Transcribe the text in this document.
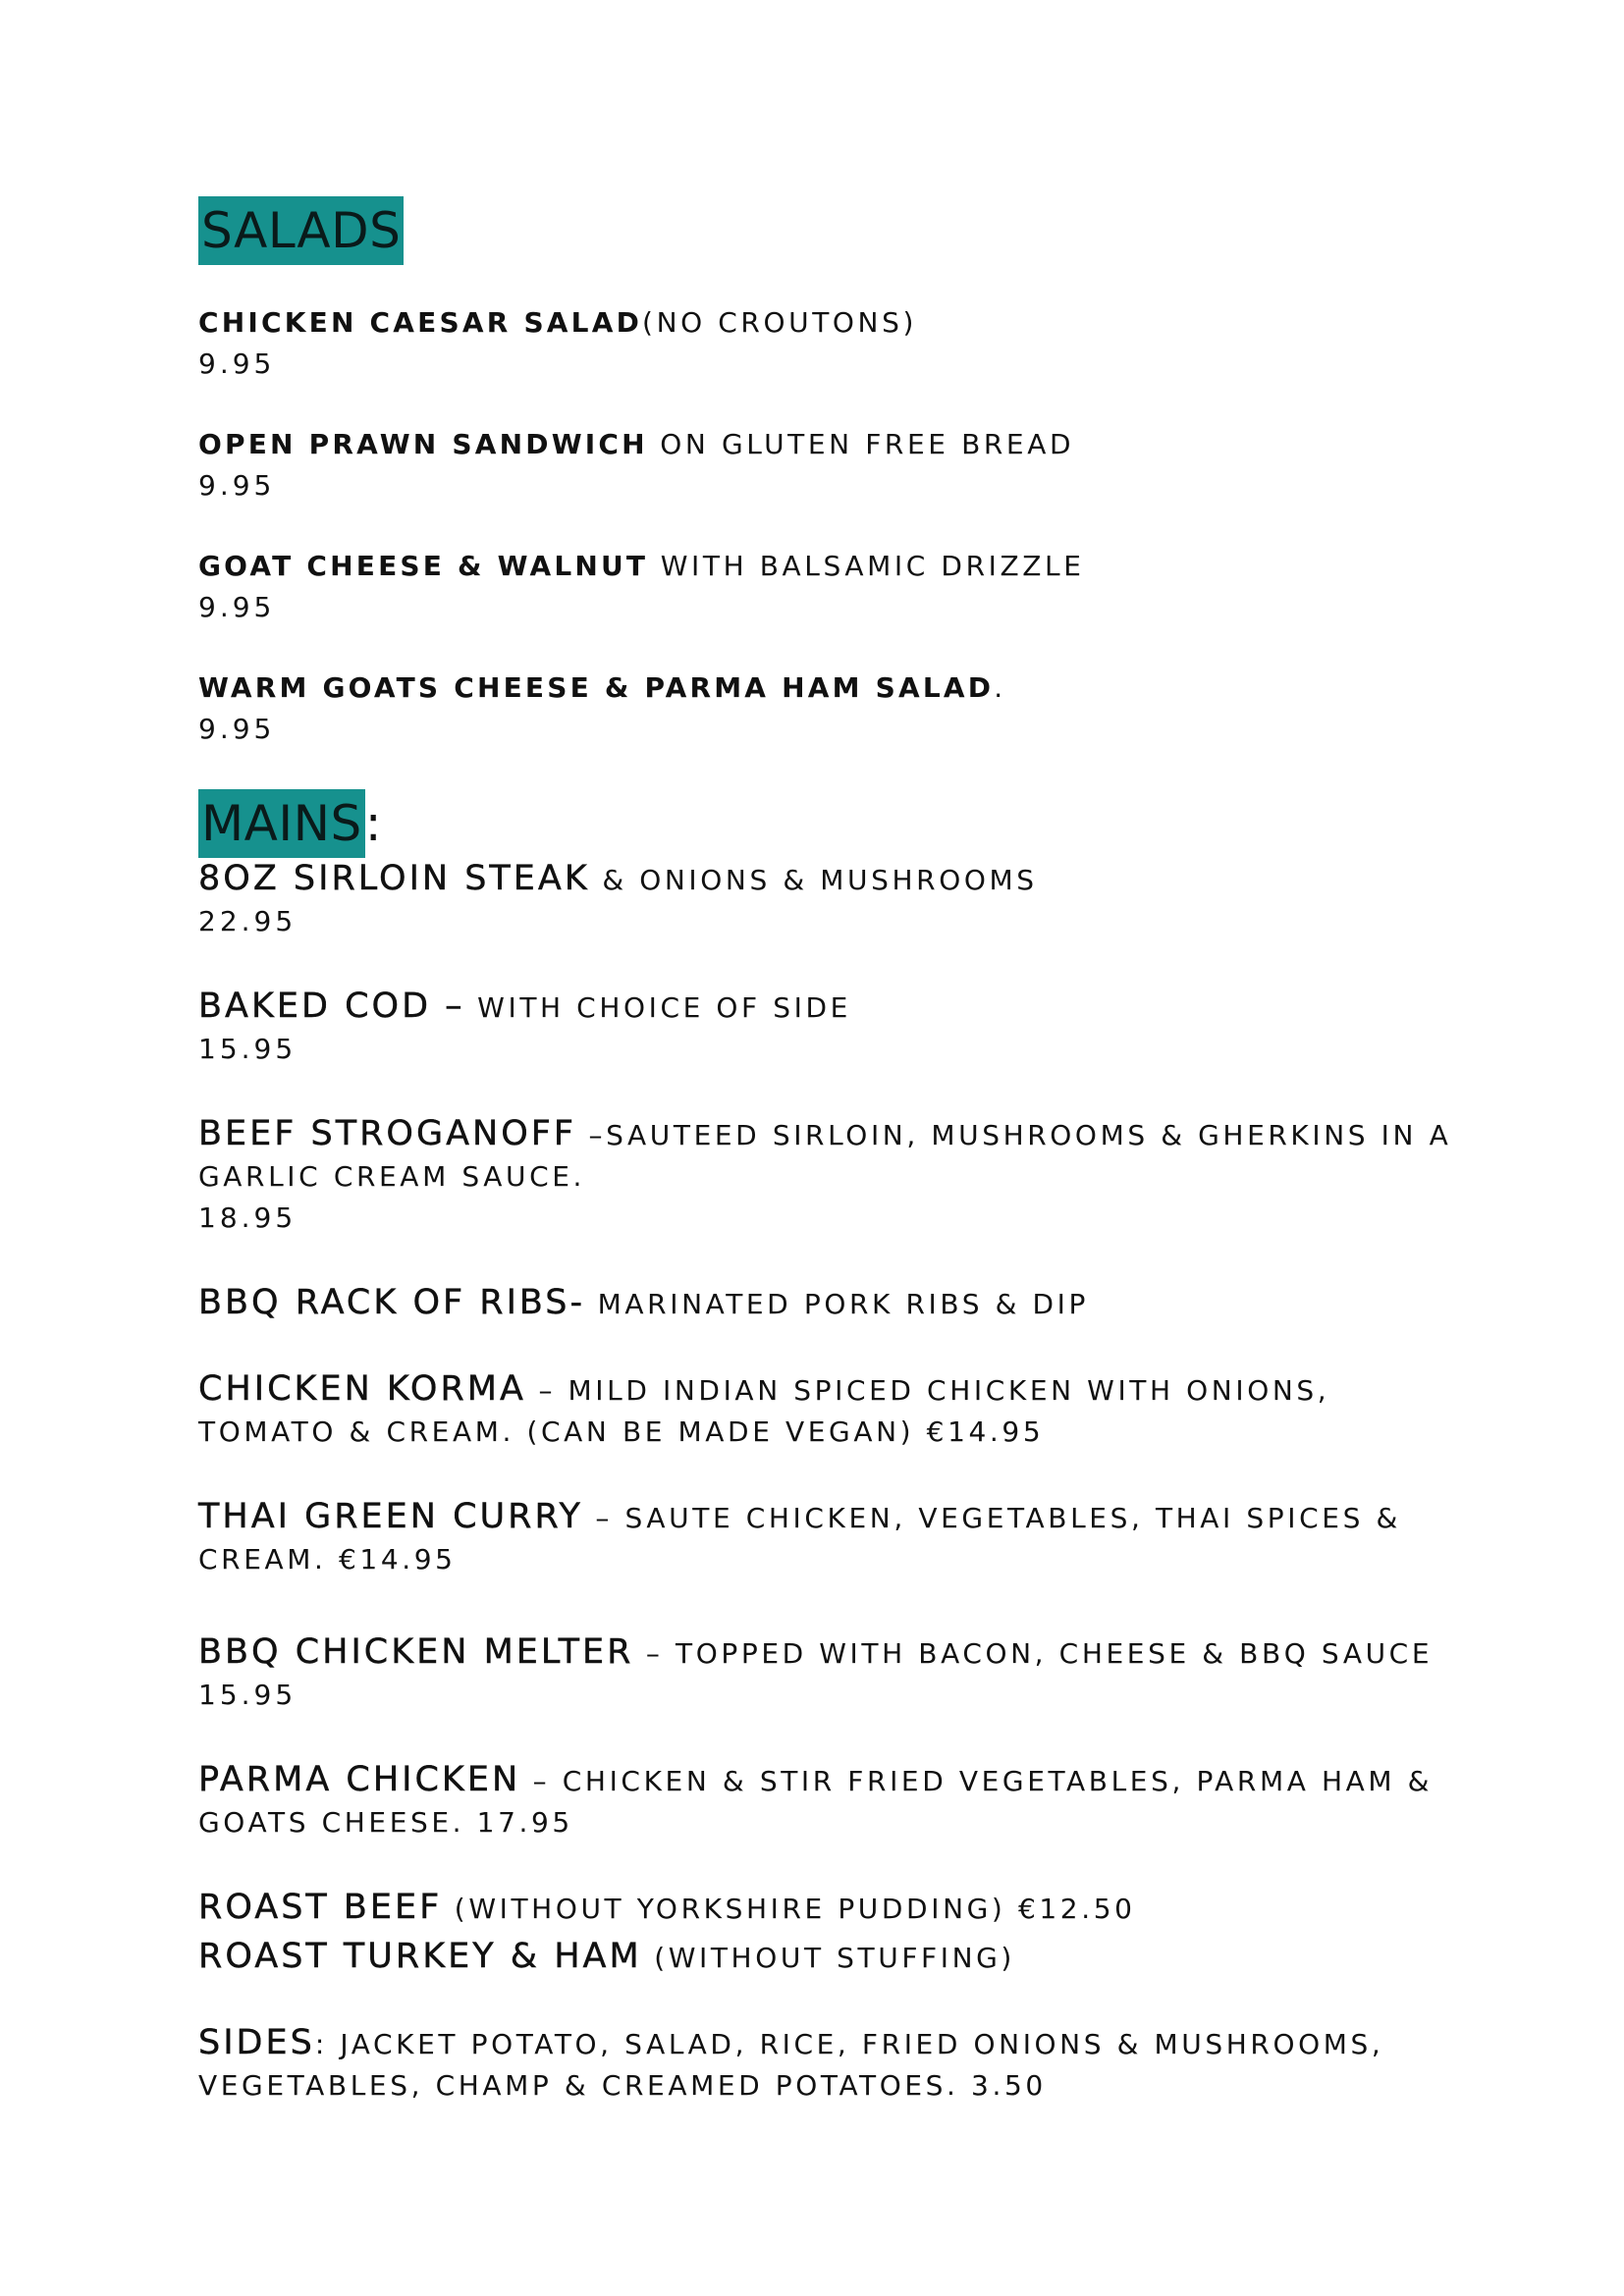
SALADS
CHICKEN CAESAR SALAD(NO CROUTONS)
9.95
OPEN PRAWN SANDWICH ON GLUTEN FREE BREAD
9.95
GOAT CHEESE & WALNUT WITH BALSAMIC DRIZZLE
9.95
WARM GOATS CHEESE & PARMA HAM SALAD.
9.95
MAINS:
8OZ SIRLOIN STEAK & ONIONS & MUSHROOMS
22.95
BAKED COD – WITH CHOICE OF SIDE
15.95
BEEF STROGANOFF –SAUTEED SIRLOIN, MUSHROOMS & GHERKINS IN A GARLIC CREAM SAUCE.
18.95
BBQ RACK OF RIBS- MARINATED PORK RIBS & DIP
CHICKEN KORMA – MILD INDIAN SPICED CHICKEN WITH ONIONS, TOMATO & CREAM. (CAN BE MADE VEGAN) €14.95
THAI GREEN CURRY – SAUTE CHICKEN, VEGETABLES, THAI SPICES & CREAM. €14.95
BBQ CHICKEN MELTER – TOPPED WITH BACON, CHEESE & BBQ SAUCE
15.95
PARMA CHICKEN – CHICKEN & STIR FRIED VEGETABLES, PARMA HAM & GOATS CHEESE. 17.95
ROAST BEEF (WITHOUT YORKSHIRE PUDDING) €12.50
ROAST TURKEY & HAM (WITHOUT STUFFING)
SIDES: JACKET POTATO, SALAD, RICE, FRIED ONIONS & MUSHROOMS, VEGETABLES, CHAMP & CREAMED POTATOES. 3.50
